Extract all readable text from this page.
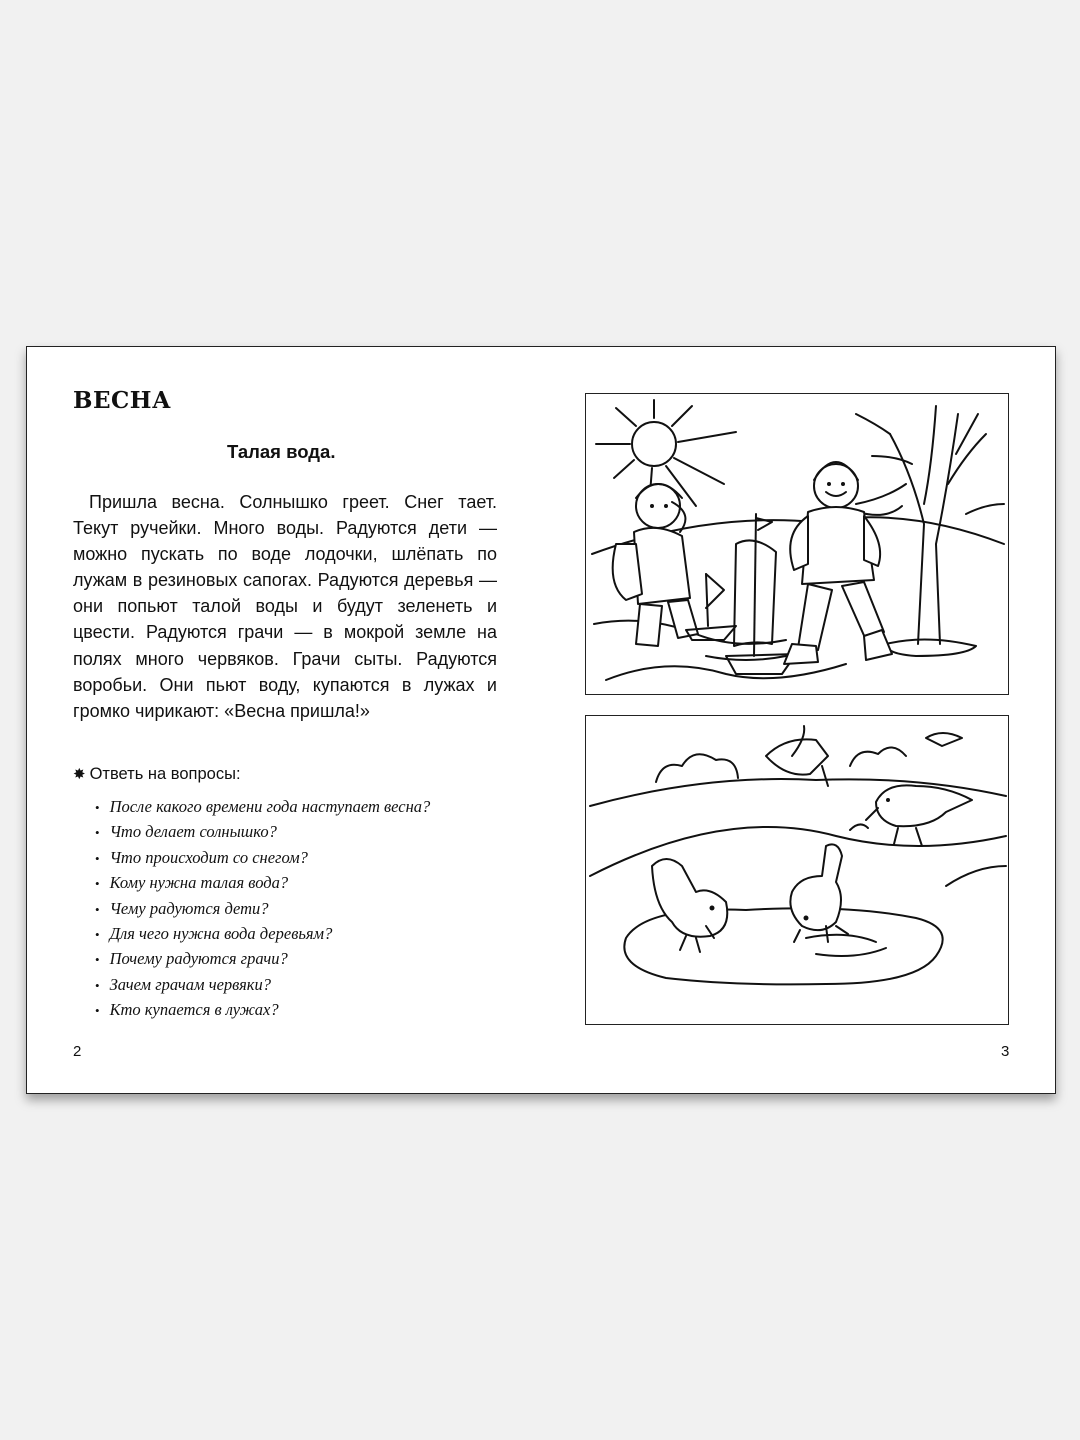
ВЕСНА
Талая вода.

Пришла весна. Солнышко греет. Снег тает. Текут ручейки. Много воды. Радуются дети — можно пускать по воде лодочки, шлёпать по лужам в резиновых сапогах. Радуются деревья — они попьют талой воды и будут зеленеть и цвести. Радуются грачи — в мокрой земле на полях много червяков. Грачи сыты. Радуются воробьи. Они пьют воду, купаются в лужах и громко чирикают: «Весна пришла!»

✸ Ответь на вопросы:
• После какого времени года наступает весна?
• Что делает солнышко?
• Что происходит со снегом?
• Кому нужна талая вода?
• Чему радуются дети?
• Для чего нужна вода деревьям?
• Почему радуются грачи?
• Зачем грачам червяки?
• Кто купается в лужах?
2	3
